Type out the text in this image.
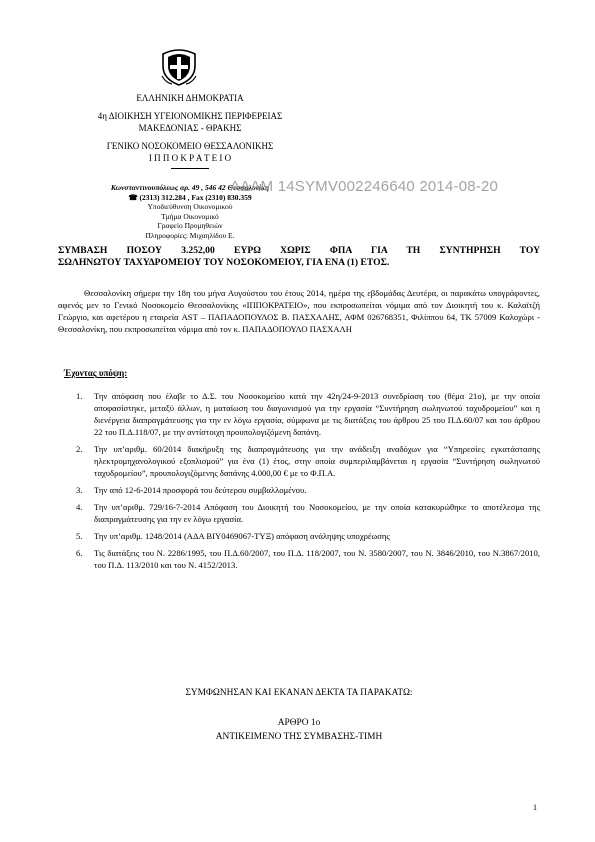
ΕΛΛΗΝΙΚΗ ΔΗΜΟΚΡΑΤΙΑ
4η ΔΙΟΙΚΗΣΗ ΥΓΕΙΟΝΟΜΙΚΗΣ ΠΕΡΙΦΕΡΕΙΑΣ
ΜΑΚΕΔΟΝΙΑΣ - ΘΡΑΚΗΣ
ΓΕΝΙΚΟ ΝΟΣΟΚΟΜΕΙΟ ΘΕΣΣΑΛΟΝΙΚΗΣ
Ι Π Π Ο Κ Ρ Α Τ Ε Ι Ο
Κωνσταντινουπόλεως αρ. 49 , 546 42 Θεσσαλονίκη
☎ (2313) 312.284 , Fax (2310) 830.359
Υποδιεύθυνση Οικονομικού
Τμήμα Οικονομικό
Γραφείο Προμηθειών
Πληροφορίες: Μιχαηλίδου Ε.
ΑΔΑΜ 14SYMV002246640 2014-08-20
ΣΥΜΒΑΣΗ ΠΟΣΟΥ 3.252,00 ΕΥΡΩ ΧΩΡΙΣ ΦΠΑ ΓΙΑ ΤΗ ΣΥΝΤΗΡΗΣΗ ΤΟΥ
ΣΩΛΗΝΩΤΟΥ ΤΑΧΥΔΡΟΜΕΙΟΥ ΤΟΥ ΝΟΣΟΚΟΜΕΙΟΥ, ΓΙΑ ΕΝΑ (1) ΕΤΟΣ.
Θεσσαλονίκη σήμερα την 18η του μήνα Αυγούστου του έτους 2014, ημέρα της εβδομάδας Δευτέρα, οι παρακάτω υπογράφοντες, αφενός μεν το Γενικό Νοσοκομείο Θεσσαλονίκης «ΙΠΠΟΚΡΑΤΕΙΟ», που εκπροσωπείται νόμιμα από τον Διοικητή του κ. Καλαϊτζή Γεώργιο, και αφετέρου η εταιρεία AST – ΠΑΠΑΔΟΠΟΥΛΟΣ Β. ΠΑΣΧΑΛΗΣ, ΑΦΜ 026768351, Φιλίππου 64, ΤΚ 57009 Καλοχώρι - Θεσσαλονίκη, που εκπροσωπείται νόμιμα από τον κ. ΠΑΠΑΔΟΠΟΥΛΟ ΠΑΣΧΑΛΗ
Έχοντας υπόψη:
1. Την απόφαση που έλαβε το Δ.Σ. του Νοσοκομείου κατά την 42η/24-9-2013 συνεδρίαση του (θέμα 21ο), με την οποία αποφασίστηκε, μεταξύ άλλων, η ματαίωση του διαγωνισμού για την εργασία “Συντήρηση σωληνωτού ταχυδρομείου” και η διενέργεια διαπραγμάτευσης για την εν λόγω εργασία, σύμφωνα με τις διατάξεις του άρθρου 25 του Π.Δ.60/07 και του άρθρου 22 του Π.Δ.118/07, με την αντίστοιχη προυπολογιζόμενη δαπάνη.
2. Την υπ’αριθμ. 60/2014 διακήρυξη της διαπραγμάτευσης για την ανάδειξη αναδόχων για “Υπηρεσίες εγκατάστασης ηλεκτρομηχανολογικού εξοπλισμού” για ένα (1) έτος, στην οποία συμπεριλαμβάνεται η εργασία “Συντήρηση σωληνωτού ταχυδρομείου”, προυπολογιζόμενης δαπάνης 4.000,00 € με το Φ.Π.Α.
3. Την από 12-6-2014 προσφορά του δεύτερου συμβαλλομένου.
4. Την υπ’αριθμ. 729/16-7-2014 Απόφαση του Διοικητή του Νοσοκομείου, με την οποία κατακυρώθηκε το αποτέλεσμα της διαπραγμάτευσης για την εν λόγω εργασία.
5. Την υπ’αριθμ. 1248/2014 (ΑΔΑ ΒΙΥ0469067-ΤΥΞ) απόφαση ανάληψης υποχρέωσης
6. Τις διατάξεις του Ν. 2286/1995, του Π.Δ.60/2007, του Π.Δ. 118/2007, του Ν. 3580/2007, του Ν. 3846/2010, του Ν.3867/2010, του Π.Δ. 113/2010 και του Ν. 4152/2013.
ΣΥΜΦΩΝΗΣΑΝ ΚΑΙ ΕΚΑΝΑΝ ΔΕΚΤΑ ΤΑ ΠΑΡΑΚΑΤΩ:
ΑΡΘΡΟ 1ο
ΑΝΤΙΚΕΙΜΕΝΟ ΤΗΣ ΣΥΜΒΑΣΗΣ-ΤΙΜΗ
1
